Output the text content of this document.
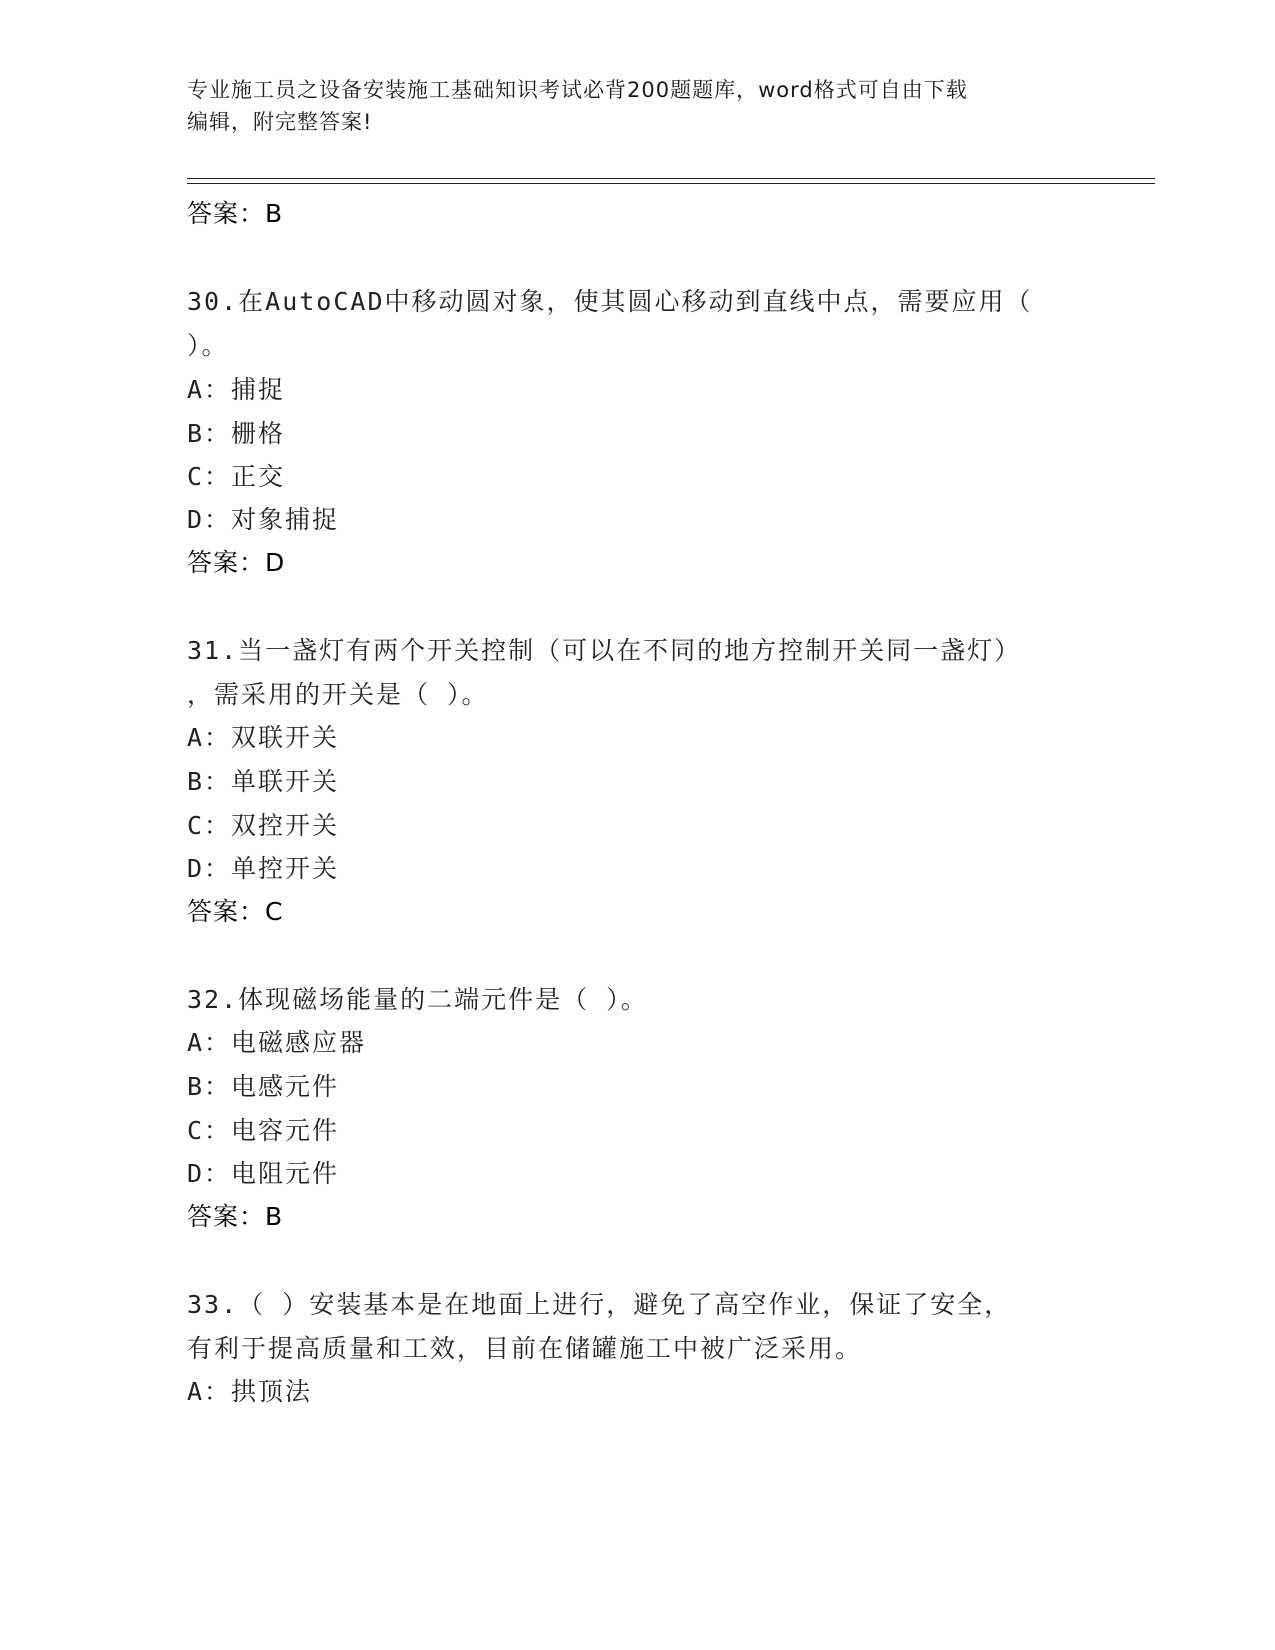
专业施工员之设备安装施工基础知识考试必背200题题库，word格式可自由下载
编辑，附完整答案!
答案：B
30.在AutoCAD中移动圆对象，使其圆心移动到直线中点，需要应用（
）。
A：捕捉
B：栅格
C：正交
D：对象捕捉
答案：D
31.当一盏灯有两个开关控制（可以在不同的地方控制开关同一盏灯）
，需采用的开关是（ ）。
A：双联开关
B：单联开关
C：双控开关
D：单控开关
答案：C
32.体现磁场能量的二端元件是（ ）。
A：电磁感应器
B：电感元件
C：电容元件
D：电阻元件
答案：B
33.（ ）安装基本是在地面上进行，避免了高空作业，保证了安全，
有利于提高质量和工效，目前在储罐施工中被广泛采用。
A：拱顶法
